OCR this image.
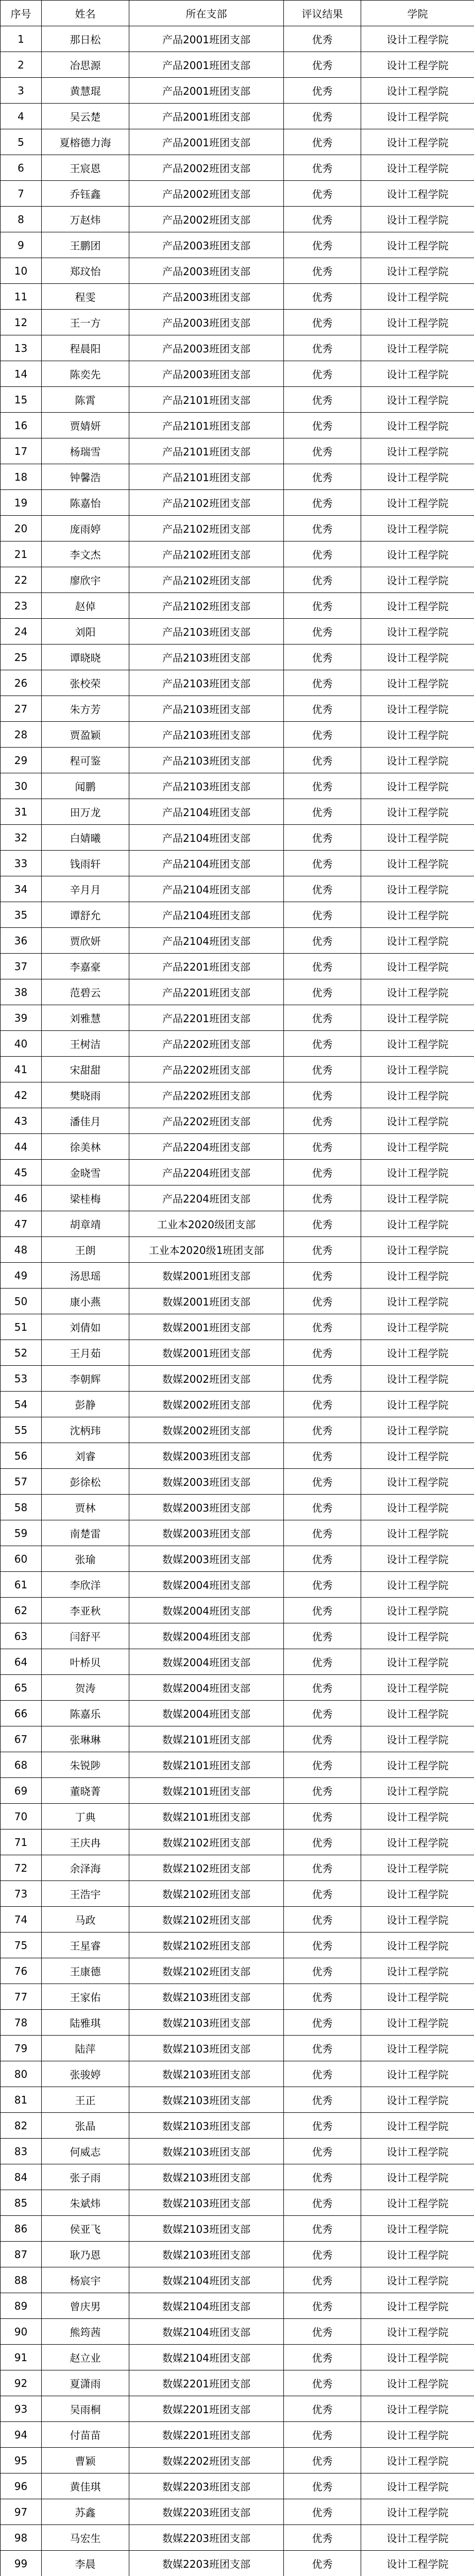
序号	姓名	所在支部	评议结果	学院
1	那日松	产品2001班团支部	优秀	设计工程学院
2	冶思源	产品2001班团支部	优秀	设计工程学院
3	黄慧琨	产品2001班团支部	优秀	设计工程学院
4	吴云楚	产品2001班团支部	优秀	设计工程学院
5	夏榕德力海	产品2001班团支部	优秀	设计工程学院
6	王宸恩	产品2002班团支部	优秀	设计工程学院
7	乔钰鑫	产品2002班团支部	优秀	设计工程学院
8	万赵炜	产品2002班团支部	优秀	设计工程学院
9	王鹏团	产品2003班团支部	优秀	设计工程学院
10	郑玟怡	产品2003班团支部	优秀	设计工程学院
11	程雯	产品2003班团支部	优秀	设计工程学院
12	王一方	产品2003班团支部	优秀	设计工程学院
13	程晨阳	产品2003班团支部	优秀	设计工程学院
14	陈奕先	产品2003班团支部	优秀	设计工程学院
15	陈霄	产品2101班团支部	优秀	设计工程学院
16	贾婧妍	产品2101班团支部	优秀	设计工程学院
17	杨瑞雪	产品2101班团支部	优秀	设计工程学院
18	钟馨浩	产品2101班团支部	优秀	设计工程学院
19	陈嘉怡	产品2102班团支部	优秀	设计工程学院
20	庞雨婷	产品2102班团支部	优秀	设计工程学院
21	李文杰	产品2102班团支部	优秀	设计工程学院
22	廖欣宇	产品2102班团支部	优秀	设计工程学院
23	赵倬	产品2102班团支部	优秀	设计工程学院
24	刘阳	产品2103班团支部	优秀	设计工程学院
25	谭晓晓	产品2103班团支部	优秀	设计工程学院
26	张校荣	产品2103班团支部	优秀	设计工程学院
27	朱方芳	产品2103班团支部	优秀	设计工程学院
28	贾盈颖	产品2103班团支部	优秀	设计工程学院
29	程可鉴	产品2103班团支部	优秀	设计工程学院
30	闻鹏	产品2103班团支部	优秀	设计工程学院
31	田万龙	产品2104班团支部	优秀	设计工程学院
32	白婧曦	产品2104班团支部	优秀	设计工程学院
33	钱雨轩	产品2104班团支部	优秀	设计工程学院
34	辛月月	产品2104班团支部	优秀	设计工程学院
35	谭舒允	产品2104班团支部	优秀	设计工程学院
36	贾欣妍	产品2104班团支部	优秀	设计工程学院
37	李嘉豪	产品2201班团支部	优秀	设计工程学院
38	范碧云	产品2201班团支部	优秀	设计工程学院
39	刘雅慧	产品2201班团支部	优秀	设计工程学院
40	王树洁	产品2202班团支部	优秀	设计工程学院
41	宋甜甜	产品2202班团支部	优秀	设计工程学院
42	樊晓雨	产品2202班团支部	优秀	设计工程学院
43	潘佳月	产品2202班团支部	优秀	设计工程学院
44	徐美林	产品2204班团支部	优秀	设计工程学院
45	金晓雪	产品2204班团支部	优秀	设计工程学院
46	梁桂梅	产品2204班团支部	优秀	设计工程学院
47	胡章靖	工业本2020级团支部	优秀	设计工程学院
48	王朗	工业本2020级1班团支部	优秀	设计工程学院
49	汤思瑶	数媒2001班团支部	优秀	设计工程学院
50	康小燕	数媒2001班团支部	优秀	设计工程学院
51	刘倩如	数媒2001班团支部	优秀	设计工程学院
52	王月茹	数媒2001班团支部	优秀	设计工程学院
53	李朝辉	数媒2002班团支部	优秀	设计工程学院
54	彭静	数媒2002班团支部	优秀	设计工程学院
55	沈柄玮	数媒2002班团支部	优秀	设计工程学院
56	刘睿	数媒2003班团支部	优秀	设计工程学院
57	彭徐松	数媒2003班团支部	优秀	设计工程学院
58	贾林	数媒2003班团支部	优秀	设计工程学院
59	南楚雷	数媒2003班团支部	优秀	设计工程学院
60	张瑜	数媒2003班团支部	优秀	设计工程学院
61	李欣洋	数媒2004班团支部	优秀	设计工程学院
62	李亚秋	数媒2004班团支部	优秀	设计工程学院
63	闫舒平	数媒2004班团支部	优秀	设计工程学院
64	叶桥贝	数媒2004班团支部	优秀	设计工程学院
65	贺涛	数媒2004班团支部	优秀	设计工程学院
66	陈嘉乐	数媒2004班团支部	优秀	设计工程学院
67	张琳琳	数媒2101班团支部	优秀	设计工程学院
68	朱锐陟	数媒2101班团支部	优秀	设计工程学院
69	董晓菁	数媒2101班团支部	优秀	设计工程学院
70	丁典	数媒2101班团支部	优秀	设计工程学院
71	王庆冉	数媒2102班团支部	优秀	设计工程学院
72	余泽海	数媒2102班团支部	优秀	设计工程学院
73	王浩宇	数媒2102班团支部	优秀	设计工程学院
74	马政	数媒2102班团支部	优秀	设计工程学院
75	王星睿	数媒2102班团支部	优秀	设计工程学院
76	王康德	数媒2102班团支部	优秀	设计工程学院
77	王家佑	数媒2103班团支部	优秀	设计工程学院
78	陆雅琪	数媒2103班团支部	优秀	设计工程学院
79	陆萍	数媒2103班团支部	优秀	设计工程学院
80	张骏婷	数媒2103班团支部	优秀	设计工程学院
81	王正	数媒2103班团支部	优秀	设计工程学院
82	张晶	数媒2103班团支部	优秀	设计工程学院
83	何威志	数媒2103班团支部	优秀	设计工程学院
84	张子雨	数媒2103班团支部	优秀	设计工程学院
85	朱斌炜	数媒2103班团支部	优秀	设计工程学院
86	侯亚飞	数媒2103班团支部	优秀	设计工程学院
87	耿乃恩	数媒2103班团支部	优秀	设计工程学院
88	杨宸宇	数媒2104班团支部	优秀	设计工程学院
89	曾庆男	数媒2104班团支部	优秀	设计工程学院
90	熊筠茜	数媒2104班团支部	优秀	设计工程学院
91	赵立业	数媒2104班团支部	优秀	设计工程学院
92	夏潇雨	数媒2201班团支部	优秀	设计工程学院
93	吴雨桐	数媒2201班团支部	优秀	设计工程学院
94	付苗苗	数媒2201班团支部	优秀	设计工程学院
95	曹颖	数媒2202班团支部	优秀	设计工程学院
96	黄佳琪	数媒2203班团支部	优秀	设计工程学院
97	苏鑫	数媒2203班团支部	优秀	设计工程学院
98	马宏生	数媒2203班团支部	优秀	设计工程学院
99	李晨	数媒2203班团支部	优秀	设计工程学院
